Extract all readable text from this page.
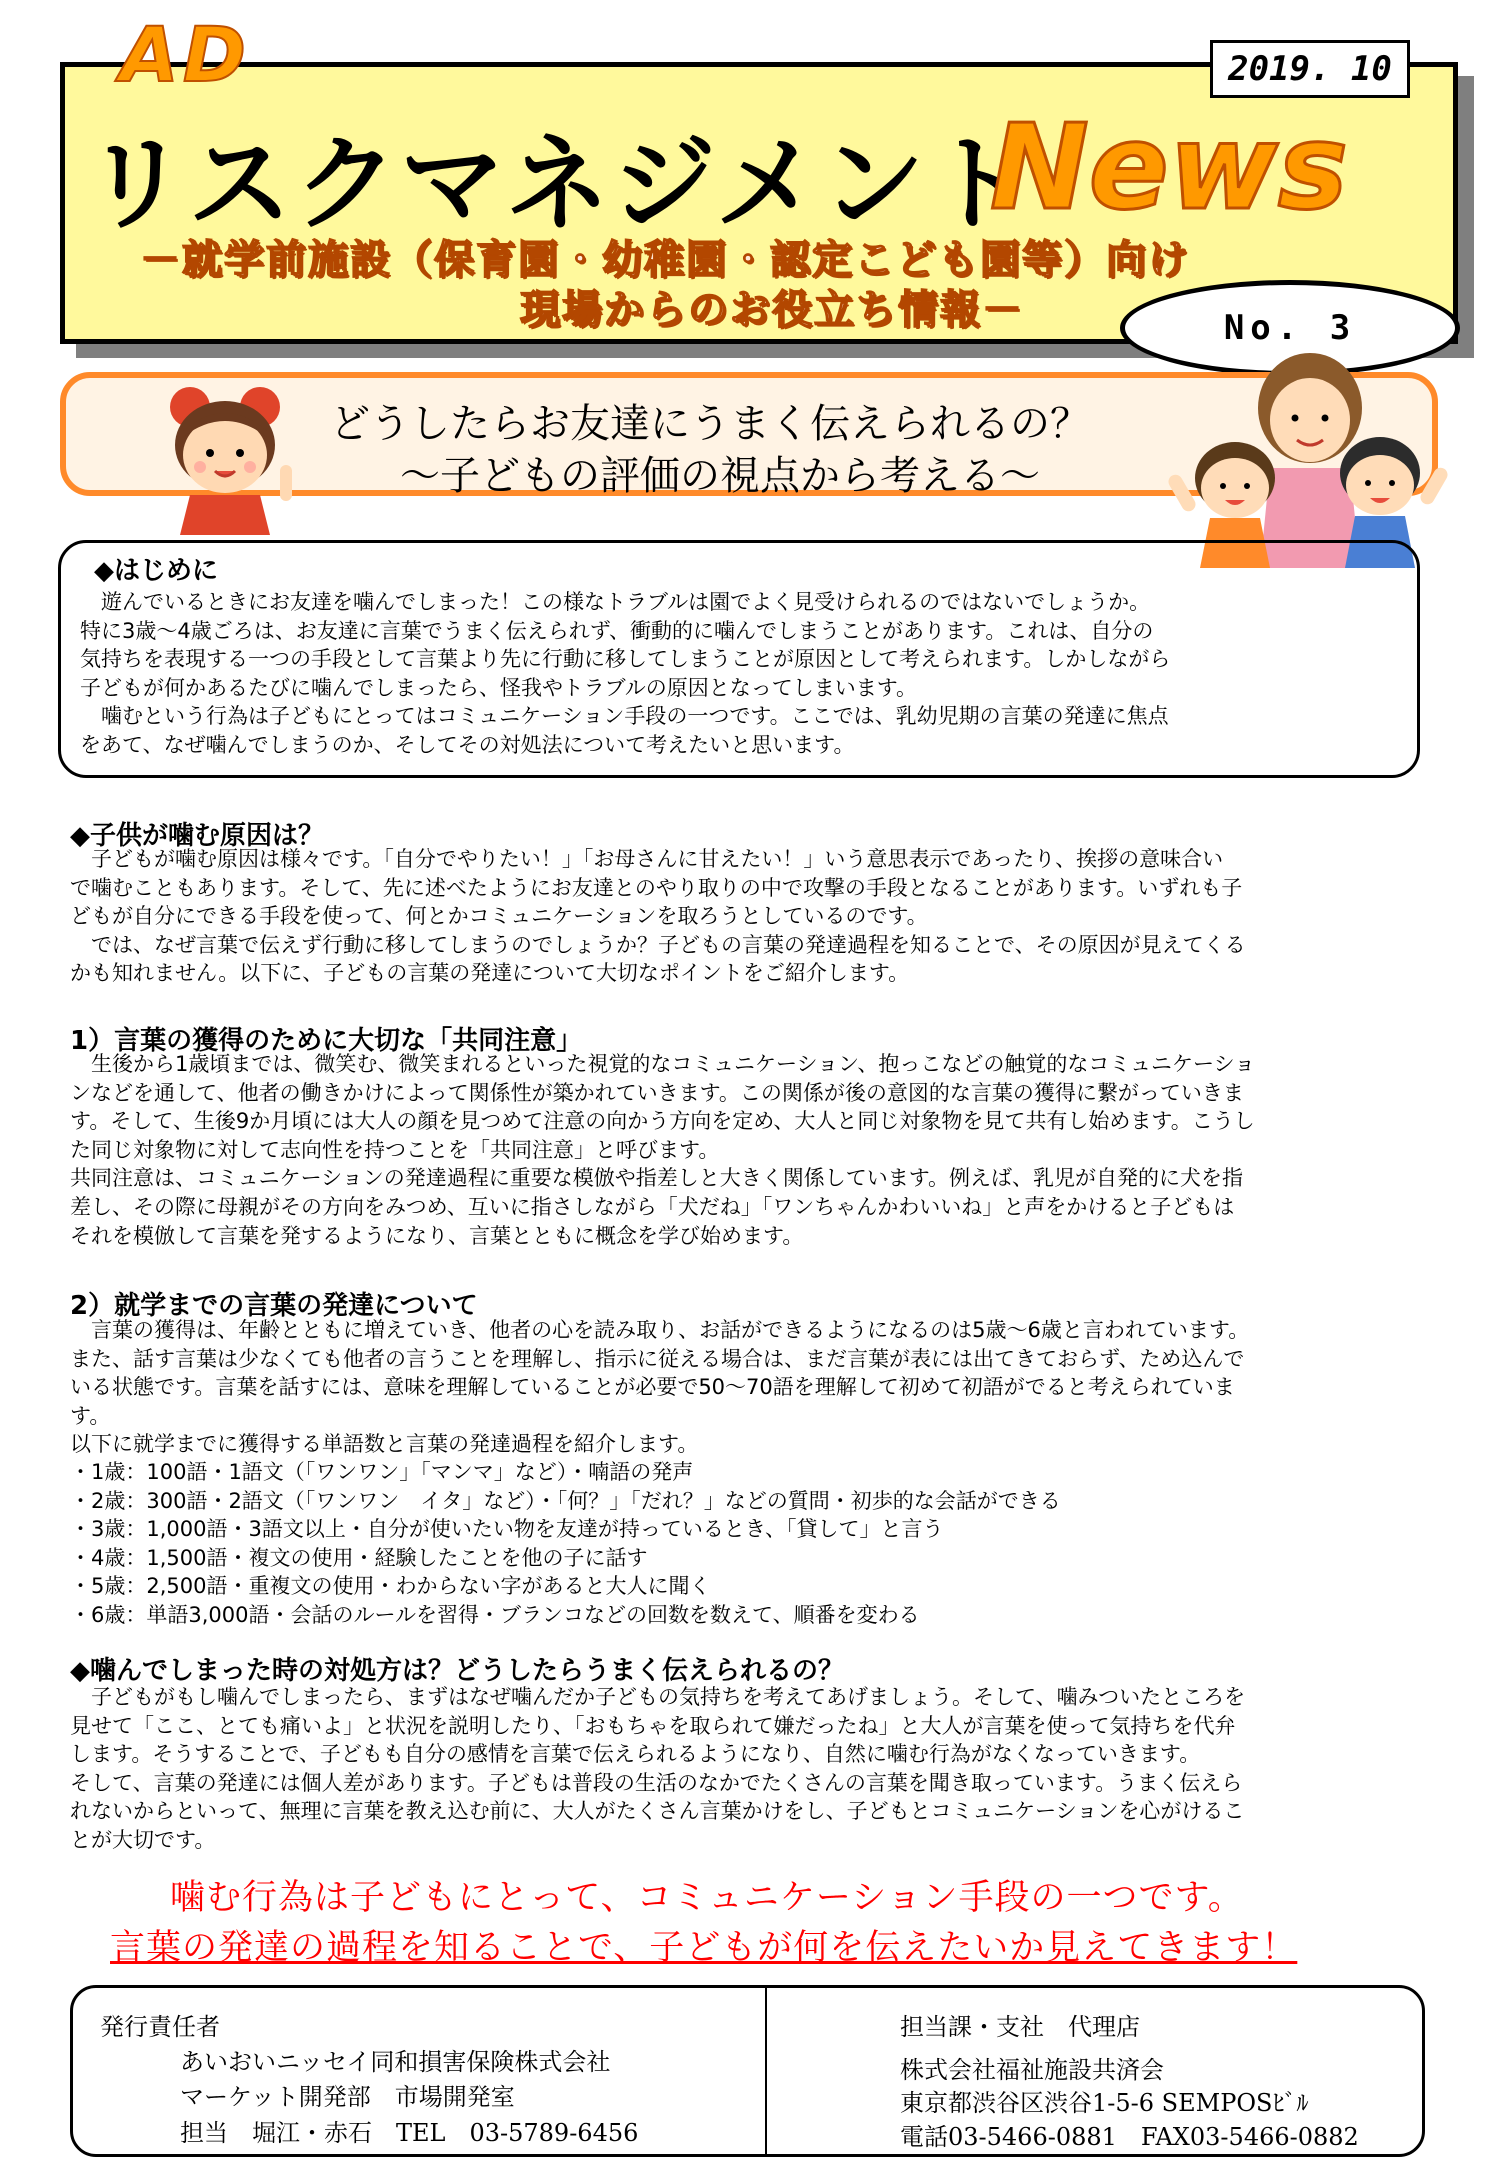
AD	2019. 10
リスクマネジメント
News
－就学前施設（保育園・幼稚園・認定こども園等）向け
現場からのお役立ち情報－	No. 3
どうしたらお友達にうまく伝えられるの？
～子どもの評価の視点から考える～
◆はじめに
　遊んでいるときにお友達を噛んでしまった！この様なトラブルは園でよく見受けられるのではないでしょうか。
特に3歳～4歳ごろは、お友達に言葉でうまく伝えられず、衝動的に噛んでしまうことがあります。これは、自分の
気持ちを表現する一つの手段として言葉より先に行動に移してしまうことが原因として考えられます。しかしながら
子どもが何かあるたびに噛んでしまったら、怪我やトラブルの原因となってしまいます。
　噛むという行為は子どもにとってはコミュニケーション手段の一つです。ここでは、乳幼児期の言葉の発達に焦点
をあて、なぜ噛んでしまうのか、そしてその対処法について考えたいと思います。
◆子供が噛む原因は？
　子どもが噛む原因は様々です。「自分でやりたい！」「お母さんに甘えたい！」いう意思表示であったり、挨拶の意味合い
で噛むこともあります。そして、先に述べたようにお友達とのやり取りの中で攻撃の手段となることがあります。いずれも子
どもが自分にできる手段を使って、何とかコミュニケーションを取ろうとしているのです。
　では、なぜ言葉で伝えず行動に移してしまうのでしょうか？子どもの言葉の発達過程を知ることで、その原因が見えてくる
かも知れません。以下に、子どもの言葉の発達について大切なポイントをご紹介します。
1）言葉の獲得のために大切な「共同注意」
　生後から1歳頃までは、微笑む、微笑まれるといった視覚的なコミュニケーション、抱っこなどの触覚的なコミュニケーショ
ンなどを通して、他者の働きかけによって関係性が築かれていきます。この関係が後の意図的な言葉の獲得に繋がっていきま
す。そして、生後9か月頃には大人の顔を見つめて注意の向かう方向を定め、大人と同じ対象物を見て共有し始めます。こうし
た同じ対象物に対して志向性を持つことを「共同注意」と呼びます。
共同注意は、コミュニケーションの発達過程に重要な模倣や指差しと大きく関係しています。例えば、乳児が自発的に犬を指
差し、その際に母親がその方向をみつめ、互いに指さしながら「犬だね」「ワンちゃんかわいいね」と声をかけると子どもは
それを模倣して言葉を発するようになり、言葉とともに概念を学び始めます。
2）就学までの言葉の発達について
　言葉の獲得は、年齢とともに増えていき、他者の心を読み取り、お話ができるようになるのは5歳～6歳と言われています。
また、話す言葉は少なくても他者の言うことを理解し、指示に従える場合は、まだ言葉が表には出てきておらず、ため込んで
いる状態です。言葉を話すには、意味を理解していることが必要で50～70語を理解して初めて初語がでると考えられていま
す。
以下に就学までに獲得する単語数と言葉の発達過程を紹介します。
・1歳：100語・1語文（「ワンワン」「マンマ」など）・喃語の発声
・2歳：300語・2語文（「ワンワン　イタ」など）・「何？」「だれ？」などの質問・初歩的な会話ができる
・3歳：1,000語・3語文以上・自分が使いたい物を友達が持っているとき、「貸して」と言う
・4歳：1,500語・複文の使用・経験したことを他の子に話す
・5歳：2,500語・重複文の使用・わからない字があると大人に聞く
・6歳：単語3,000語・会話のルールを習得・ブランコなどの回数を数えて、順番を変わる
◆噛んでしまった時の対処方は？どうしたらうまく伝えられるの？
　子どもがもし噛んでしまったら、まずはなぜ噛んだか子どもの気持ちを考えてあげましょう。そして、噛みついたところを
見せて「ここ、とても痛いよ」と状況を説明したり、「おもちゃを取られて嫌だったね」と大人が言葉を使って気持ちを代弁
します。そうすることで、子どもも自分の感情を言葉で伝えられるようになり、自然に噛む行為がなくなっていきます。
そして、言葉の発達には個人差があります。子どもは普段の生活のなかでたくさんの言葉を聞き取っています。うまく伝えら
れないからといって、無理に言葉を教え込む前に、大人がたくさん言葉かけをし、子どもとコミュニケーションを心がけるこ
とが大切です。
噛む行為は子どもにとって、コミュニケーション手段の一つです。
言葉の発達の過程を知ることで、子どもが何を伝えたいか見えてきます！
発行責任者
あいおいニッセイ同和損害保険株式会社
マーケット開発部　市場開発室
担当　堀江・赤石　TEL　03-5789-6456
担当課・支社　代理店
株式会社福祉施設共済会
東京都渋谷区渋谷1-5-6 SEMPOSﾋﾞﾙ
電話03-5466-0881　FAX03-5466-0882
